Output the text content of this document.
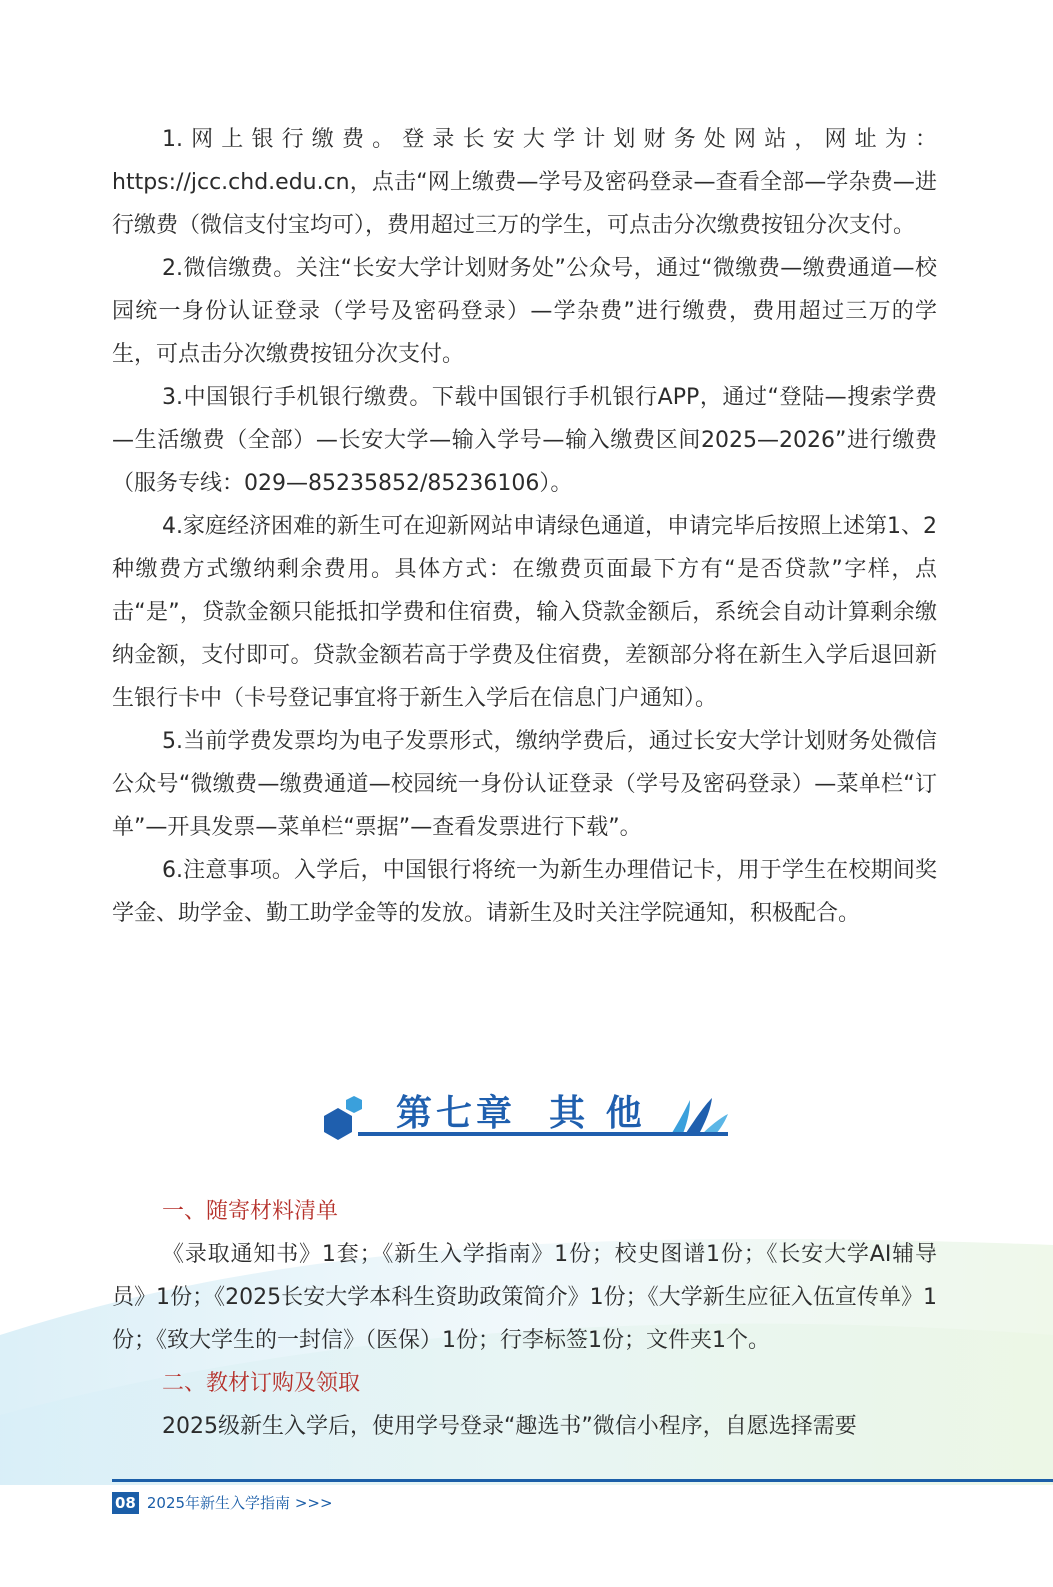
1.网上银行缴费。登录长安大学计划财务处网站，网址为：https://jcc.chd.edu.cn，点击“网上缴费—学号及密码登录—查看全部—学杂费—进行缴费（微信支付宝均可），费用超过三万的学生，可点击分次缴费按钮分次支付。

2.微信缴费。关注“长安大学计划财务处”公众号，通过“微缴费—缴费通道—校园统一身份认证登录（学号及密码登录）—学杂费”进行缴费，费用超过三万的学生，可点击分次缴费按钮分次支付。

3.中国银行手机银行缴费。下载中国银行手机银行APP，通过“登陆—搜索学费—生活缴费（全部）—长安大学—输入学号—输入缴费区间2025—2026”进行缴费（服务专线：029—85235852/85236106）。

4.家庭经济困难的新生可在迎新网站申请绿色通道，申请完毕后按照上述第1、2种缴费方式缴纳剩余费用。具体方式：在缴费页面最下方有“是否贷款”字样，点击“是”，贷款金额只能抵扣学费和住宿费，输入贷款金额后，系统会自动计算剩余缴纳金额，支付即可。贷款金额若高于学费及住宿费，差额部分将在新生入学后退回新生银行卡中（卡号登记事宜将于新生入学后在信息门户通知）。

5.当前学费发票均为电子发票形式，缴纳学费后，通过长安大学计划财务处微信公众号“微缴费—缴费通道—校园统一身份认证登录（学号及密码登录）—菜单栏“订单”—开具发票—菜单栏“票据”—查看发票进行下载”。

6.注意事项。入学后，中国银行将统一为新生办理借记卡，用于学生在校期间奖学金、助学金、勤工助学金等的发放。请新生及时关注学院通知，积极配合。

第七章  其 他

一、随寄材料清单

《录取通知书》1套；《新生入学指南》1份；校史图谱1份；《长安大学AI辅导员》1份；《2025长安大学本科生资助政策简介》1份；《大学新生应征入伍宣传单》1份；《致大学生的一封信》（医保）1份；行李标签1份；文件夹1个。

二、教材订购及领取

2025级新生入学后，使用学号登录“趣选书”微信小程序，自愿选择需要

08 2025年新生入学指南 >>>
